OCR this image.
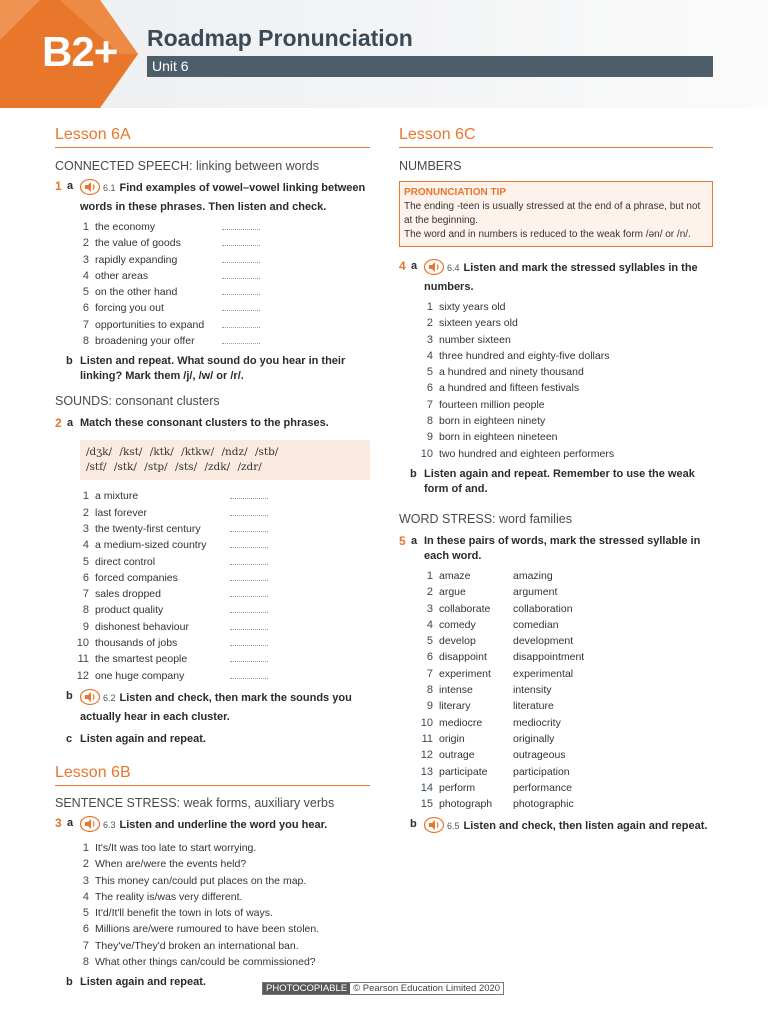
B2+ Roadmap Pronunciation
Unit 6
Lesson 6A
CONNECTED SPEECH: linking between words
1 a	6.1 Find examples of vowel–vowel linking between words in these phrases. Then listen and check.
1 the economy
2 the value of goods
3 rapidly expanding
4 other areas
5 on the other hand
6 forcing you out
7 opportunities to expand
8 broadening your offer
b Listen and repeat. What sound do you hear in their linking? Mark them /j/, /w/ or /r/.
SOUNDS: consonant clusters
2 a Match these consonant clusters to the phrases.
/dʒk/ /kst/ /ktk/ /ktkw/ /ndz/ /stb/
/stf/ /stk/ /stp/ /sts/ /zdk/ /zdr/
1 a mixture
2 last forever
3 the twenty-first century
4 a medium-sized country
5 direct control
6 forced companies
7 sales dropped
8 product quality
9 dishonest behaviour
10 thousands of jobs
11 the smartest people
12 one huge company
b	6.2 Listen and check, then mark the sounds you actually hear in each cluster.
c Listen again and repeat.
Lesson 6B
SENTENCE STRESS: weak forms, auxiliary verbs
3 a	6.3 Listen and underline the word you hear.
1 It's/It was too late to start worrying.
2 When are/were the events held?
3 This money can/could put places on the map.
4 The reality is/was very different.
5 It'd/It'll benefit the town in lots of ways.
6 Millions are/were rumoured to have been stolen.
7 They've/They'd broken an international ban.
8 What other things can/could be commissioned?
b Listen again and repeat.
Lesson 6C
NUMBERS
PRONUNCIATION TIP
The ending -teen is usually stressed at the end of a phrase, but not at the beginning.
The word and in numbers is reduced to the weak form /ən/ or /n/.
4 a	6.4 Listen and mark the stressed syllables in the numbers.
1 sixty years old
2 sixteen years old
3 number sixteen
4 three hundred and eighty-five dollars
5 a hundred and ninety thousand
6 a hundred and fifteen festivals
7 fourteen million people
8 born in eighteen ninety
9 born in eighteen nineteen
10 two hundred and eighteen performers
b Listen again and repeat. Remember to use the weak form of and.
WORD STRESS: word families
5 a In these pairs of words, mark the stressed syllable in each word.
1 amaze	amazing
2 argue	argument
3 collaborate collaboration
4 comedy	comedian
5 develop	development
6 disappoint disappointment
7 experiment experimental
8 intense	intensity
9 literary	literature
10 mediocre	mediocrity
11 origin	originally
12 outrage	outrageous
13 participate participation
14 perform	performance
15 photograph photographic
b	6.5 Listen and check, then listen again and repeat.
PHOTOCOPIABLE © Pearson Education Limited 2020
